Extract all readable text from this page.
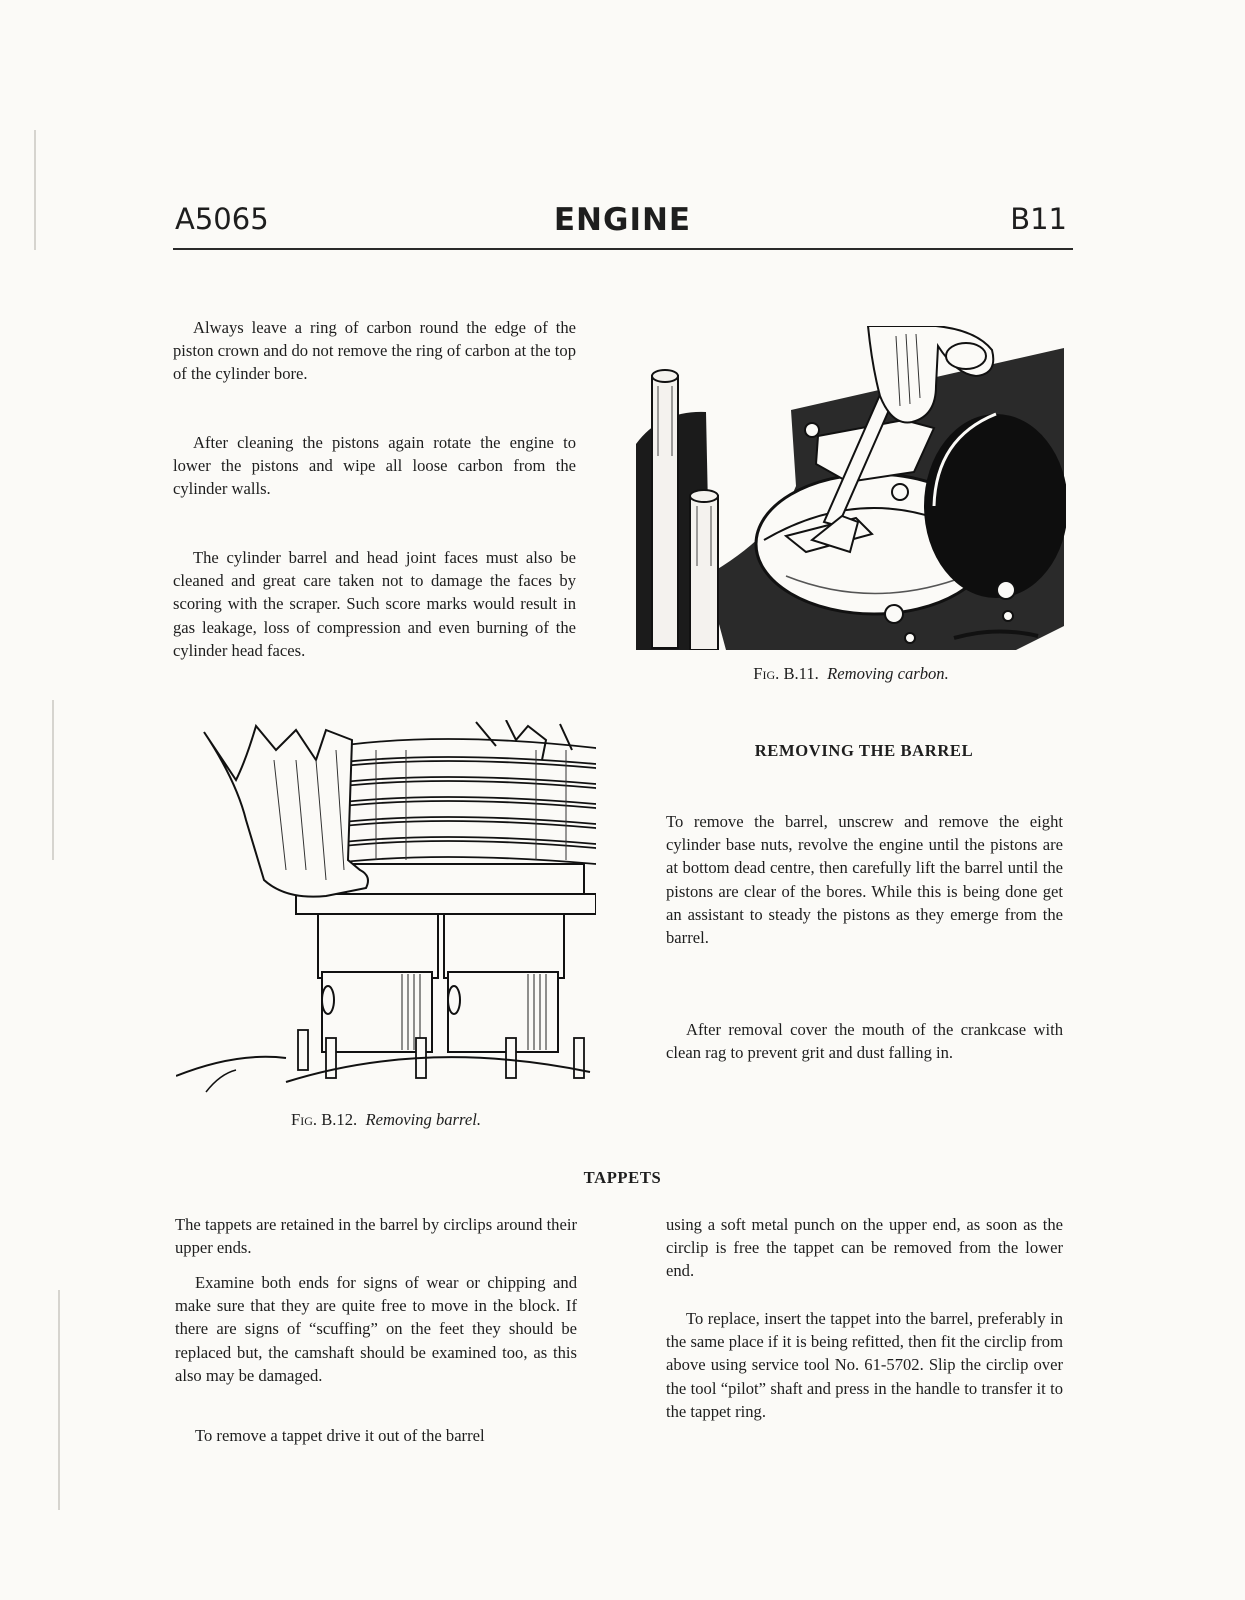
A5065	ENGINE	B11

Always leave a ring of carbon round the edge of the piston crown and do not remove the ring of carbon at the top of the cylinder bore.

After cleaning the pistons again rotate the engine to lower the pistons and wipe all loose carbon from the cylinder walls.

The cylinder barrel and head joint faces must also be cleaned and great care taken not to damage the faces by scoring with the scraper. Such score marks would result in gas leakage, loss of compression and even burning of the cylinder head faces.

Fig. B.11. Removing carbon.
Fig. B.12. Removing barrel.
REMOVING THE BARREL

To remove the barrel, unscrew and remove the eight cylinder base nuts, revolve the engine until the pistons are at bottom dead centre, then carefully lift the barrel until the pistons are clear of the bores. While this is being done get an assistant to steady the pistons as they emerge from the barrel.

After removal cover the mouth of the crankcase with clean rag to prevent grit and dust falling in.

TAPPETS

The tappets are retained in the barrel by circlips around their upper ends.

Examine both ends for signs of wear or chipping and make sure that they are quite free to move in the block. If there are signs of “scuffing” on the feet they should be replaced but, the camshaft should be examined too, as this also may be damaged.

To remove a tappet drive it out of the barrel

using a soft metal punch on the upper end, as soon as the circlip is free the tappet can be removed from the lower end.

To replace, insert the tappet into the barrel, preferably in the same place if it is being refitted, then fit the circlip from above using service tool No. 61-5702. Slip the circlip over the tool “pilot” shaft and press in the handle to transfer it to the tappet ring.
